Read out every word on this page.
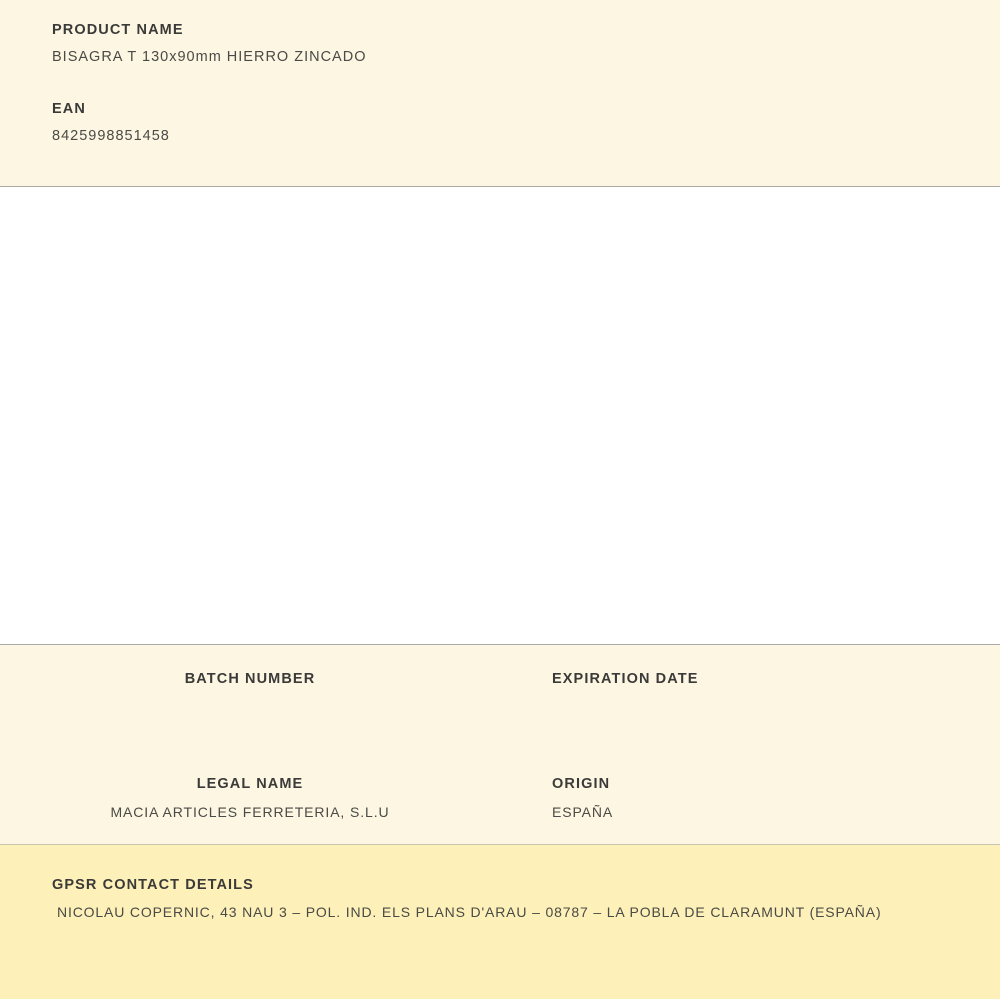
PRODUCT NAME
BISAGRA T 130x90mm HIERRO ZINCADO
EAN
8425998851458
BATCH NUMBER	EXPIRATION DATE
LEGAL NAME
MACIA ARTICLES FERRETERIA, S.L.U
ORIGIN
ESPAÑA
GPSR CONTACT DETAILS
NICOLAU COPERNIC, 43 NAU 3 – POL. IND. ELS PLANS D'ARAU – 08787 – LA POBLA DE CLARAMUNT (ESPAÑA)
